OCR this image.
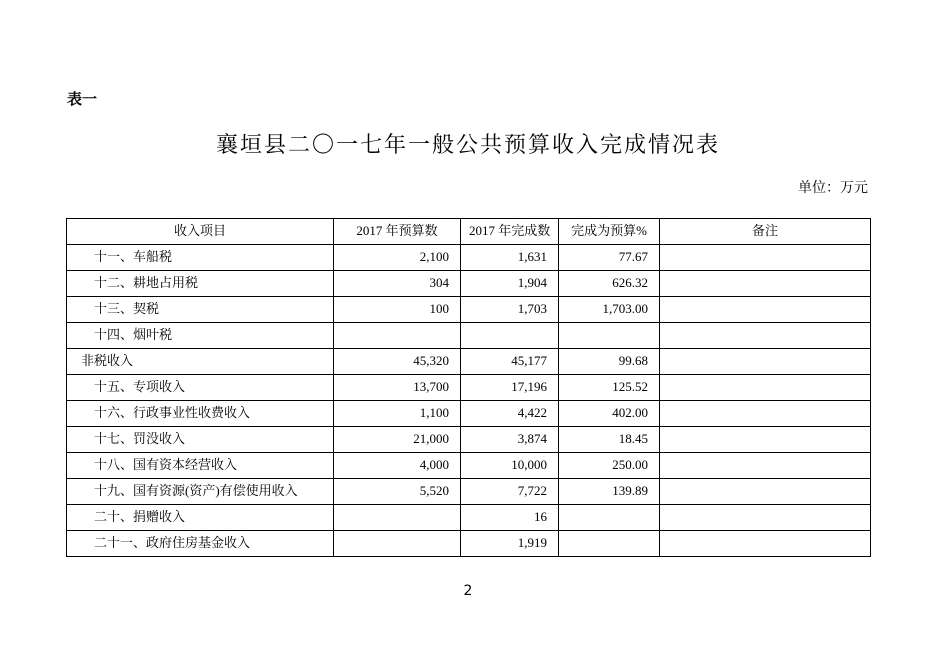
表一
襄垣县二〇一七年一般公共预算收入完成情况表
单位：万元
收入项目	2017 年预算数	2017 年完成数	完成为预算%	备注
十一、车船税	2,100	1,631	77.67	
十二、耕地占用税	304	1,904	626.32	
十三、契税	100	1,703	1,703.00	
十四、烟叶税				
非税收入	45,320	45,177	99.68	
十五、专项收入	13,700	17,196	125.52	
十六、行政事业性收费收入	1,100	4,422	402.00	
十七、罚没收入	21,000	3,874	18.45	
十八、国有资本经营收入	4,000	10,000	250.00	
十九、国有资源(资产)有偿使用收入	5,520	7,722	139.89	
二十、捐赠收入		16		
二十一、政府住房基金收入		1,919		
2
